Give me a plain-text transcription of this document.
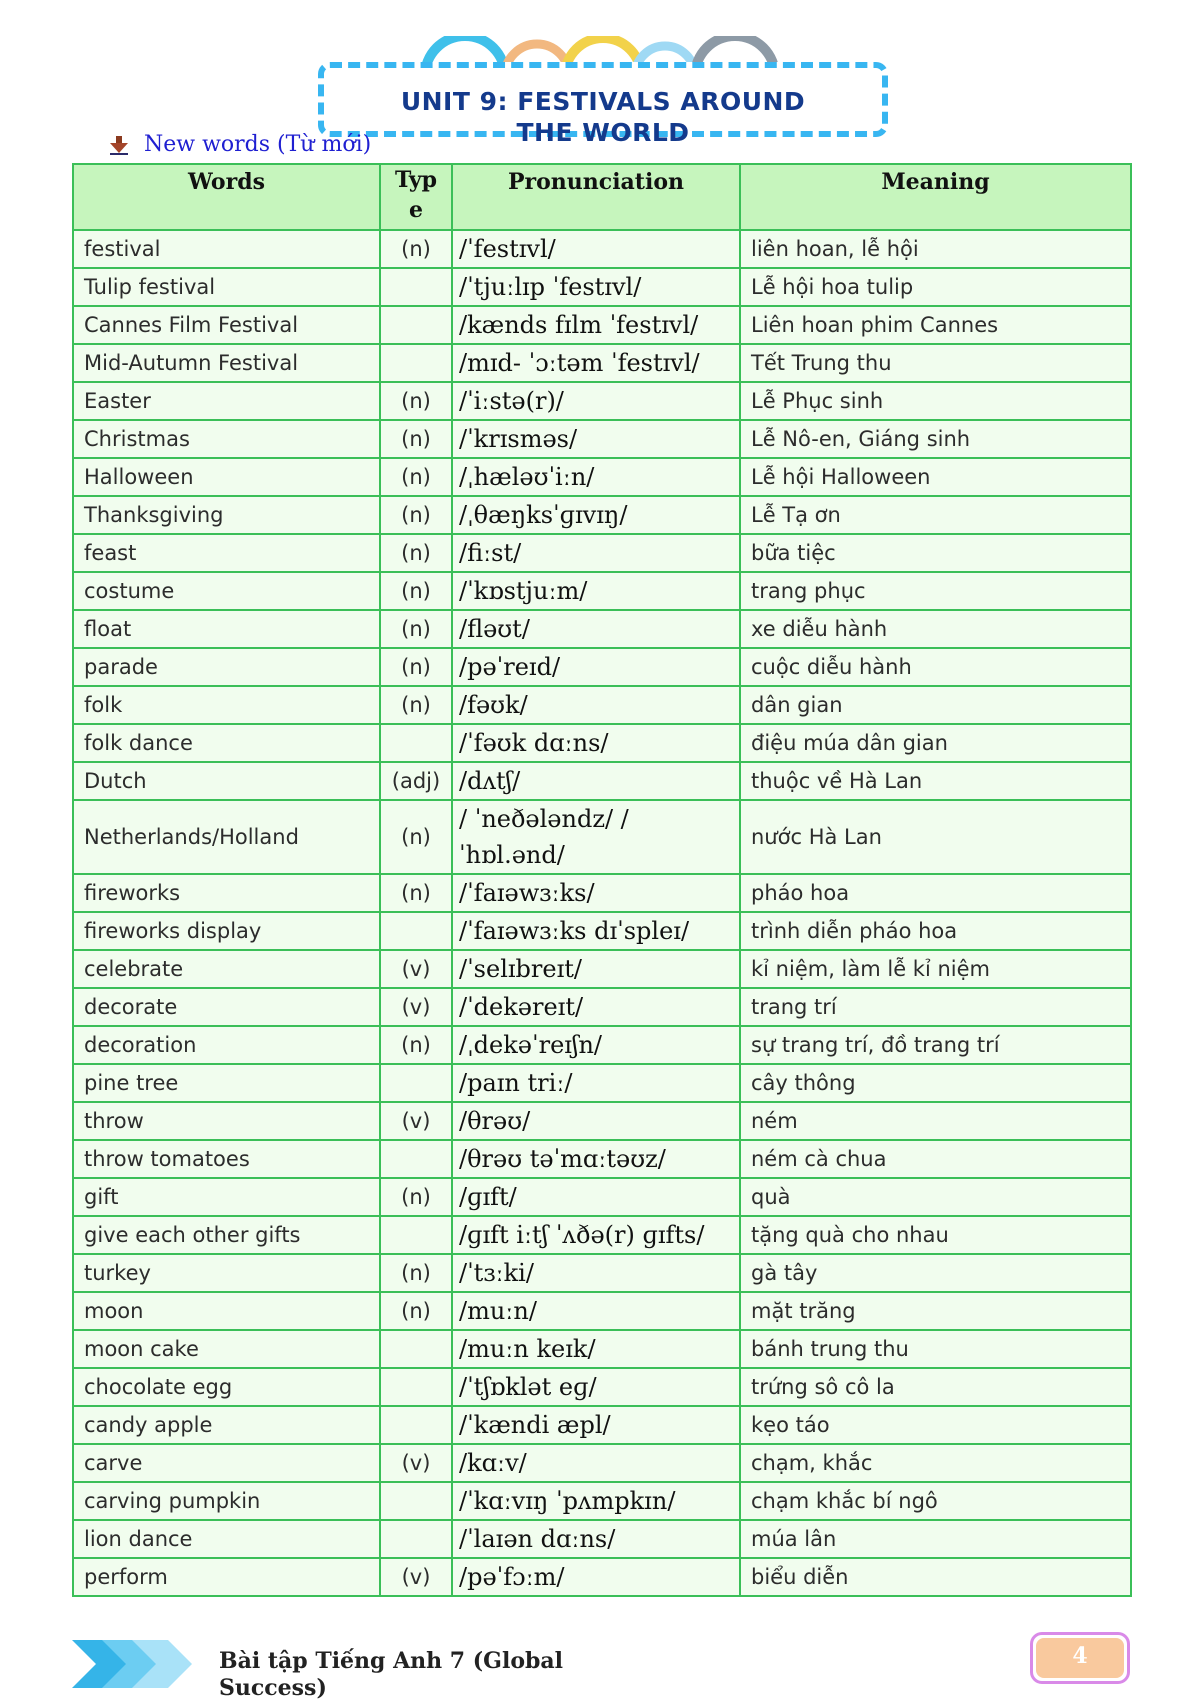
UNIT 9: FESTIVALS AROUND
THE WORLD
New words (Từ mới)
Words	Type	Pronunciation	Meaning
festival	(n)	/ˈfestɪvl/	liên hoan, lễ hội
Tulip festival		/ˈtjuːlɪp ˈfestɪvl/	Lễ hội hoa tulip
Cannes Film Festival		/kænds fɪlm ˈfestɪvl/	Liên hoan phim Cannes
Mid-Autumn Festival		/mɪd- ˈɔːtəm ˈfestɪvl/	Tết Trung thu
Easter	(n)	/ˈiːstə(r)/	Lễ Phục sinh
Christmas	(n)	/ˈkrɪsməs/	Lễ Nô-en, Giáng sinh
Halloween	(n)	/ˌhæləʊˈiːn/	Lễ hội Halloween
Thanksgiving	(n)	/ˌθæŋksˈɡɪvɪŋ/	Lễ Tạ ơn
feast	(n)	/fiːst/	bữa tiệc
costume	(n)	/ˈkɒstjuːm/	trang phục
float	(n)	/fləʊt/	xe diễu hành
parade	(n)	/pəˈreɪd/	cuộc diễu hành
folk	(n)	/fəʊk/	dân gian
folk dance		/ˈfəʊk dɑːns/	điệu múa dân gian
Dutch	(adj)	/dʌtʃ/	thuộc về Hà Lan
Netherlands/Holland	(n)	/ ˈneðələndz/ / ˈhɒl.ənd/	nước Hà Lan
fireworks	(n)	/ˈfaɪəwɜːks/	pháo hoa
fireworks display		/ˈfaɪəwɜːks dɪˈspleɪ/	trình diễn pháo hoa
celebrate	(v)	/ˈselɪbreɪt/	kỉ niệm, làm lễ kỉ niệm
decorate	(v)	/ˈdekəreɪt/	trang trí
decoration	(n)	/ˌdekəˈreɪʃn/	sự trang trí, đồ trang trí
pine tree		/paɪn triː/	cây thông
throw	(v)	/θrəʊ/	ném
throw tomatoes		/θrəʊ təˈmɑːtəʊz/	ném cà chua
gift	(n)	/ɡɪft/	quà
give each other gifts		/ɡɪft iːtʃ ˈʌðə(r) ɡɪfts/	tặng quà cho nhau
turkey	(n)	/ˈtɜːki/	gà tây
moon	(n)	/muːn/	mặt trăng
moon cake		/muːn keɪk/	bánh trung thu
chocolate egg		/ˈtʃɒklət eɡ/	trứng sô cô la
candy apple		/ˈkændi æpl/	kẹo táo
carve	(v)	/kɑːv/	chạm, khắc
carving pumpkin		/ˈkɑːvɪŋ ˈpʌmpkɪn/	chạm khắc bí ngô
lion dance		/ˈlaɪən dɑːns/	múa lân
perform	(v)	/pəˈfɔːm/	biểu diễn
Bài tập Tiếng Anh 7 (Global Success)
4
